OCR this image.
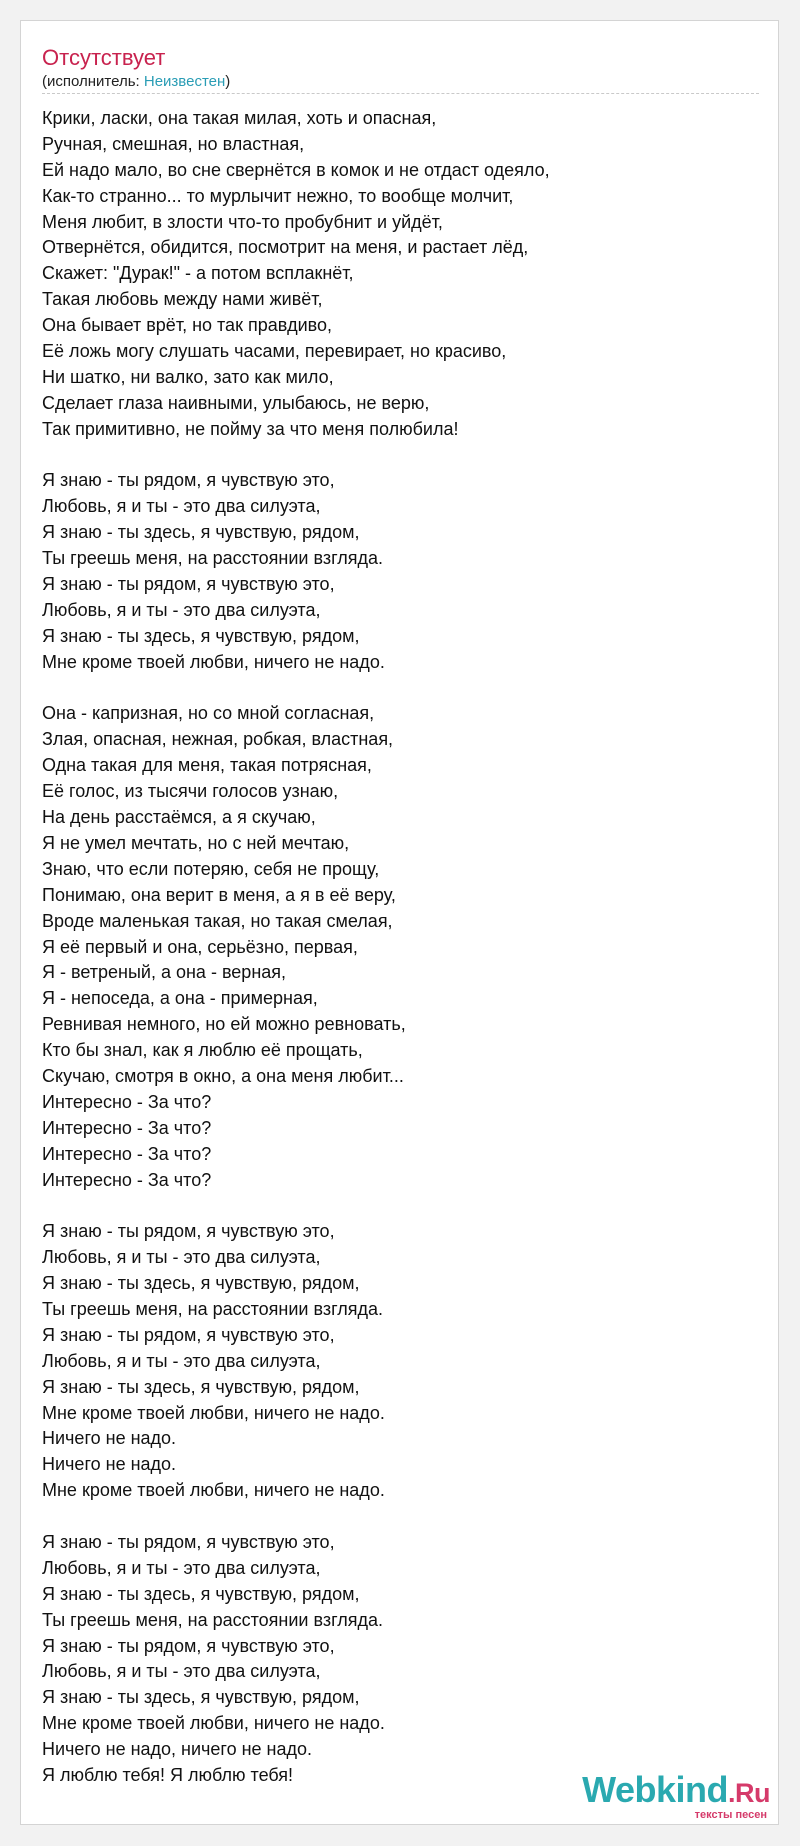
Отсутствует
(исполнитель: Неизвестен)
Крики, ласки, она такая милая, хоть и опасная,
Ручная, смешная, но властная,
Ей надо мало, во сне свернётся в комок и не отдаст одеяло,
Как-то странно... то мурлычит нежно, то вообще молчит,
Меня любит, в злости что-то пробубнит и уйдёт,
Отвернётся, обидится, посмотрит на меня, и растает лёд,
Скажет: "Дурак!" - а потом всплакнёт,
Такая любовь между нами живёт,
Она бывает врёт, но так правдиво,
Её ложь могу слушать часами, перевирает, но красиво,
Ни шатко, ни валко, зато как мило,
Сделает глаза наивными, улыбаюсь, не верю,
Так примитивно, не пойму за что меня полюбила!
Я знаю - ты рядом, я чувствую это,
Любовь, я и ты - это два силуэта,
Я знаю - ты здесь, я чувствую, рядом,
Ты греешь меня, на расстоянии взгляда.
Я знаю - ты рядом, я чувствую это,
Любовь, я и ты - это два силуэта,
Я знаю - ты здесь, я чувствую, рядом,
Мне кроме твоей любви, ничего не надо.
Она - капризная, но со мной согласная,
Злая, опасная, нежная, робкая, властная,
Одна такая для меня, такая потрясная,
Её голос, из тысячи голосов узнаю,
На день расстаёмся, а я скучаю,
Я не умел мечтать, но с ней мечтаю,
Знаю, что если потеряю, себя не прощу,
Понимаю, она верит в меня, а я в её веру,
Вроде маленькая такая, но такая смелая,
Я её первый и она, серьёзно, первая,
Я - ветреный, а она - верная,
Я - непоседа, а она - примерная,
Ревнивая немного, но ей можно ревновать,
Кто бы знал, как я люблю её прощать,
Скучаю, смотря в окно, а она меня любит...
Интересно - За что?
Интересно - За что?
Интересно - За что?
Интересно - За что?
Я знаю - ты рядом, я чувствую это,
Любовь, я и ты - это два силуэта,
Я знаю - ты здесь, я чувствую, рядом,
Ты греешь меня, на расстоянии взгляда.
Я знаю - ты рядом, я чувствую это,
Любовь, я и ты - это два силуэта,
Я знаю - ты здесь, я чувствую, рядом,
Мне кроме твоей любви, ничего не надо.
Ничего не надо.
Ничего не надо.
Мне кроме твоей любви, ничего не надо.
Я знаю - ты рядом, я чувствую это,
Любовь, я и ты - это два силуэта,
Я знаю - ты здесь, я чувствую, рядом,
Ты греешь меня, на расстоянии взгляда.
Я знаю - ты рядом, я чувствую это,
Любовь, я и ты - это два силуэта,
Я знаю - ты здесь, я чувствую, рядом,
Мне кроме твоей любви, ничего не надо.
Ничего не надо, ничего не надо.
Я люблю тебя! Я люблю тебя!	Webkind.Ru
тексты песен
